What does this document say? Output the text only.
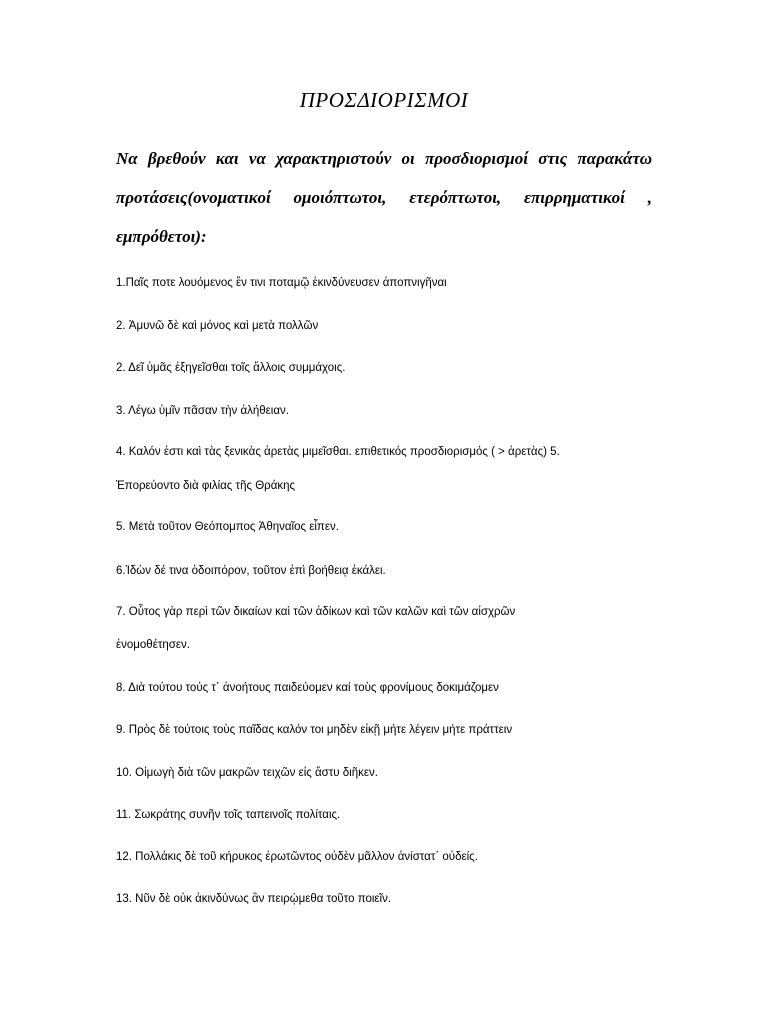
ΠΡΟΣΔΙΟΡΙΣΜΟΙ
Να βρεθούν και να χαρακτηριστούν οι προσδιορισμοί στις παρακάτω προτάσεις(ονοματικοί ομοιόπτωτοι, ετερόπτωτοι, επιρρηματικοί , εμπρόθετοι):
1.Παῖς ποτε λουόμενος ἔν τινι ποταμῷ ἐκινδύνευσεν ἀποπνιγῆναι
2. Ἀμυνῶ δὲ καὶ μόνος καὶ μετὰ πολλῶν
2. Δεῖ ὑμᾶς ἐξηγεῖσθαι τοῖς ἄλλοις συμμάχοις.
3. Λέγω ὑμῖν πᾶσαν τὴν ἀλήθειαν.
4. Καλόν ἐστι καὶ τὰς ξενικὰς ἀρετὰς μιμεῖσθαι. επιθετικός προσδιορισμός ( > ἀρετὰς) 5.
Ἐπορεύοντο διὰ φιλίας τῆς Θράκης
5. Μετὰ τοῦτον Θεόπομπος Ἀθηναῖος εἶπεν.
6.Ἰδὼν δέ τινα ὁδοιπόρον, τοῦτον ἐπὶ βοήθειᾳ ἐκάλει.
7. Οὗτος γὰρ περὶ τῶν δικαίων καὶ τῶν ἀδίκων καὶ τῶν καλῶν καὶ τῶν αἰσχρῶν
ἐνομοθέτησεν.
8. Διὰ τούτου τούς τ΄ ἀνοήτους παιδεύομεν καί τοὺς φρονίμους δοκιμάζομεν
9. Πρὸς δὲ τούτοις τοὺς παῖδας καλόν τοι μηδὲν εἰκῇ μήτε λέγειν μήτε πράττειν
10. Οἰμωγὴ διὰ τῶν μακρῶν τειχῶν εἰς ἄστυ διῆκεν.
11. Σωκράτης συνῆν τοῖς ταπεινοῖς πολίταις.
12. Πολλάκις δὲ τοῦ κήρυκος ἐρωτῶντος οὐδὲν μᾶλλον ἀνίστατ΄ οὐδείς.
13. Νῦν δὲ οὐκ ἀκινδύνως ἂν πειρῴμεθα τοῦτο ποιεῖν.
